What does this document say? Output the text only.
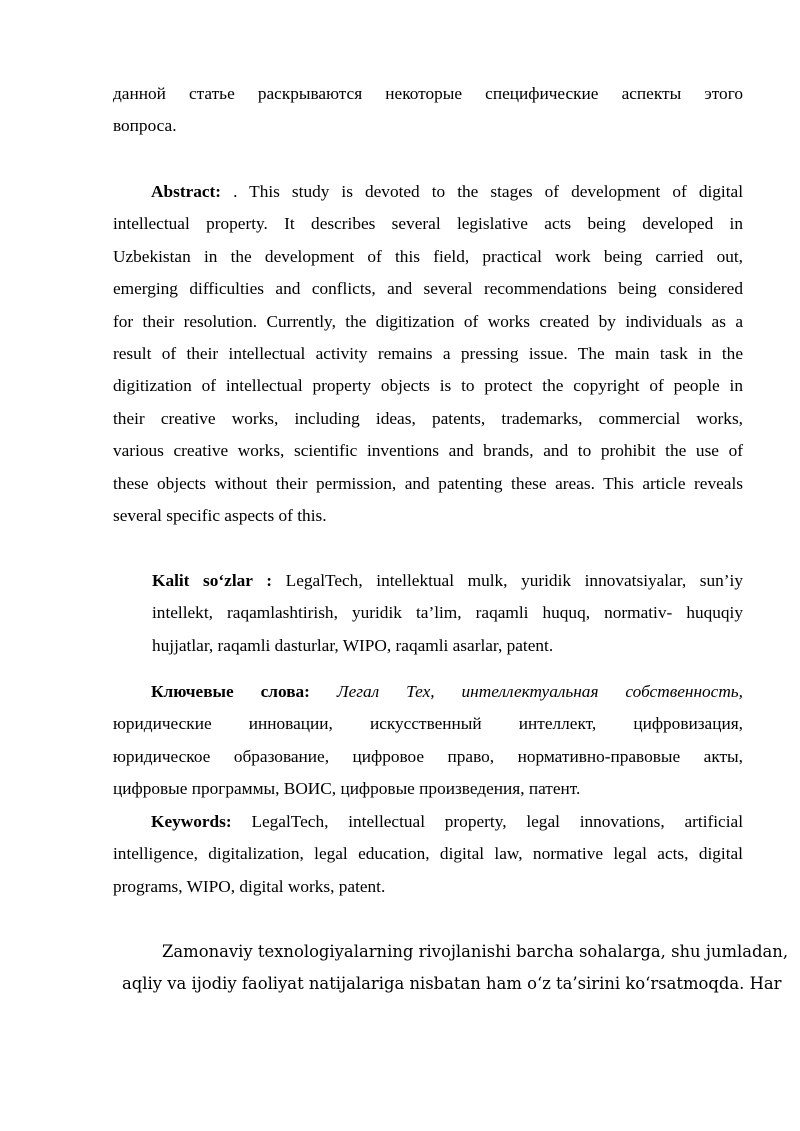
данной статье раскрываются некоторые специфические аспекты этого
вопроса.
Abstract: . This study is devoted to the stages of development of digital
intellectual property. It describes several legislative acts being developed in
Uzbekistan in the development of this field, practical work being carried out,
emerging difficulties and conflicts, and several recommendations being considered
for their resolution. Currently, the digitization of works created by individuals as a
result of their intellectual activity remains a pressing issue. The main task in the
digitization of intellectual property objects is to protect the copyright of people in
their creative works, including ideas, patents, trademarks, commercial works,
various creative works, scientific inventions and brands, and to prohibit the use of
these objects without their permission, and patenting these areas. This article reveals
several specific aspects of this.
Kalit so‘zlar : LegalTech, intellektual mulk, yuridik innovatsiyalar, sun’iy
intellekt, raqamlashtirish, yuridik ta’lim, raqamli huquq, normativ- huquqiy
hujjatlar, raqamli dasturlar, WIPO, raqamli asarlar, patent.
Ключевые слова: Легал Тех, интеллектуальная собственность,
юридические инновации, искусственный интеллект, цифровизация,
юридическое образование, цифровое право, нормативно-правовые акты,
цифровые программы, ВОИС, цифровые произведения, патент.
Keywords: LegalTech, intellectual property, legal innovations, artificial
intelligence, digitalization, legal education, digital law, normative legal acts, digital
programs, WIPO, digital works, patent.
Zamonaviy texnologiyalarning rivojlanishi barcha sohalarga, shu jumladan,
aqliy va ijodiy faoliyat natijalariga nisbatan ham o‘z ta’sirini ko‘rsatmoqda. Har
